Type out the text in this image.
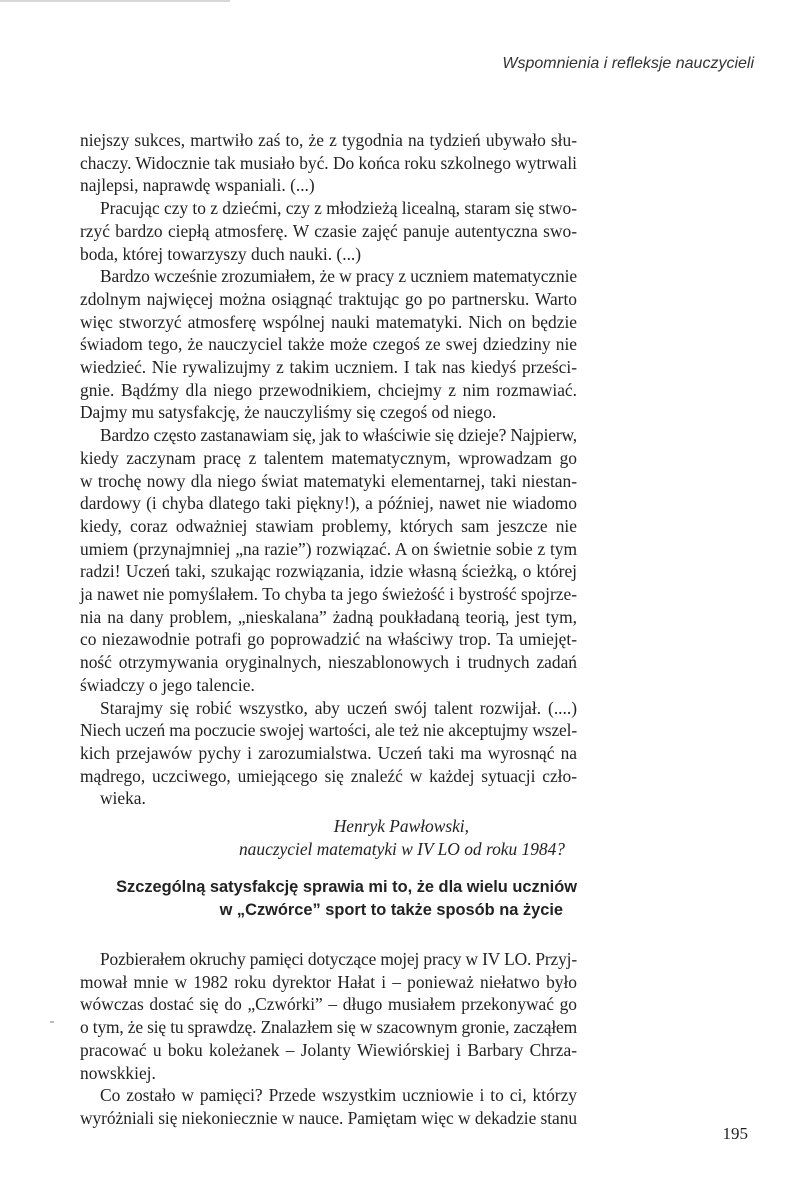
Wspomnienia i refleksje nauczycieli

niejszy sukces, martwiło zaś to, że z tygodnia na tydzień ubywało słu-
chaczy. Widocznie tak musiało być. Do końca roku szkolnego wytrwali
najlepsi, naprawdę wspaniali. (...)

Pracując czy to z dziećmi, czy z młodzieżą licealną, staram się stwo-
rzyć bardzo ciepłą atmosferę. W czasie zajęć panuje autentyczna swo-
boda, której towarzyszy duch nauki. (...)

Bardzo wcześnie zrozumiałem, że w pracy z uczniem matematycznie
zdolnym najwięcej można osiągnąć traktując go po partnersku. Warto
więc stworzyć atmosferę wspólnej nauki matematyki. Nich on będzie
świadom tego, że nauczyciel także może czegoś ze swej dziedziny nie
wiedzieć. Nie rywalizujmy z takim uczniem. I tak nas kiedyś prześci-
gnie. Bądźmy dla niego przewodnikiem, chciejmy z nim rozmawiać.
Dajmy mu satysfakcję, że nauczyliśmy się czegoś od niego.

Bardzo często zastanawiam się, jak to właściwie się dzieje? Najpierw,
kiedy zaczynam pracę z talentem matematycznym, wprowadzam go
w trochę nowy dla niego świat matematyki elementarnej, taki niestan-
dardowy (i chyba dlatego taki piękny!), a później, nawet nie wiadomo
kiedy, coraz odważniej stawiam problemy, których sam jeszcze nie
umiem (przynajmniej „na razie”) rozwiązać. A on świetnie sobie z tym
radzi! Uczeń taki, szukając rozwiązania, idzie własną ścieżką, o której
ja nawet nie pomyślałem. To chyba ta jego świeżość i bystrość spojrze-
nia na dany problem, „nieskalana” żadną poukładaną teorią, jest tym,
co niezawodnie potrafi go poprowadzić na właściwy trop. Ta umiejęt-
ność otrzymywania oryginalnych, nieszablonowych i trudnych zadań
świadczy o jego talencie.

Starajmy się robić wszystko, aby uczeń swój talent rozwijał. (....)
Niech uczeń ma poczucie swojej wartości, ale też nie akceptujmy wszel-
kich przejawów pychy i zarozumialstwa. Uczeń taki ma wyrosnąć na
mądrego, uczciwego, umiejącego się znaleźć w każdej sytuacji czło-
wieka.

Henryk Pawłowski,
nauczyciel matematyki w IV LO od roku 1984?
Szczególną satysfakcję sprawia mi to, że dla wielu uczniów
w „Czwórce” sport to także sposób na życie

Pozbierałem okruchy pamięci dotyczące mojej pracy w IV LO. Przyj-
mował mnie w 1982 roku dyrektor Hałat i – ponieważ niełatwo było
wówczas dostać się do „Czwórki” – długo musiałem przekonywać go
o tym, że się tu sprawdzę. Znalazłem się w szacownym gronie, zacząłem
pracować u boku koleżanek – Jolanty Wiewiórskiej i Barbary Chrza-
nowskkiej.

Co zostało w pamięci? Przede wszystkim uczniowie i to ci, którzy
wyróżniali się niekoniecznie w nauce. Pamiętam więc w dekadzie stanu

195
